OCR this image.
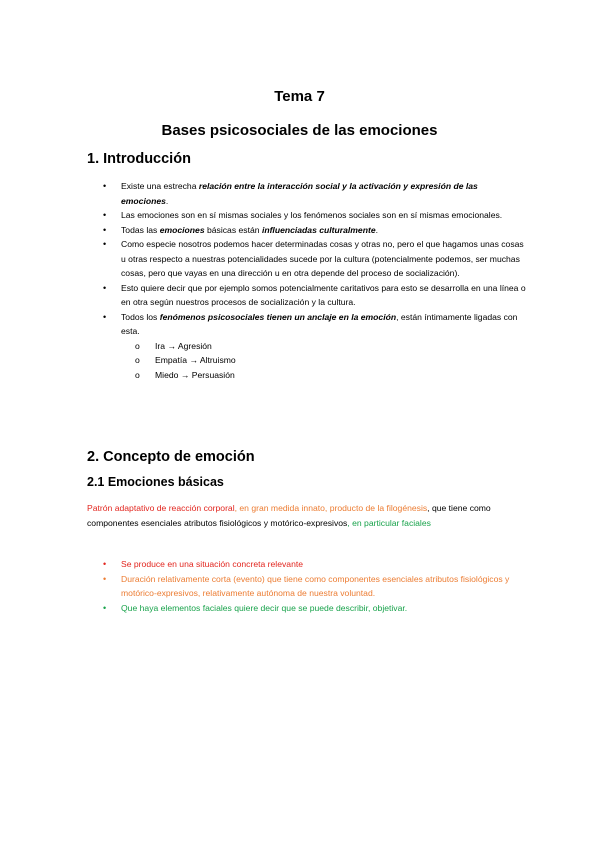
Tema 7
Bases psicosociales de las emociones
1. Introducción
• Existe una estrecha relación entre la interacción social y la activación y expresión de las emociones.
• Las emociones son en sí mismas sociales y los fenómenos sociales son en sí mismas emocionales.
• Todas las emociones básicas están influenciadas culturalmente.
• Como especie nosotros podemos hacer determinadas cosas y otras no, pero el que hagamos unas cosas u otras respecto a nuestras potencialidades sucede por la cultura (potencialmente podemos, ser muchas cosas, pero que vayas en una dirección u en otra depende del proceso de socialización).
• Esto quiere decir que por ejemplo somos potencialmente caritativos para esto se desarrolla en una línea o en otra según nuestros procesos de socialización y la cultura.
• Todos los fenómenos psicosociales tienen un anclaje en la emoción, están íntimamente ligadas con esta.
o Ira → Agresión
o Empatía → Altruismo
o Miedo → Persuasión
2. Concepto de emoción
2.1 Emociones básicas
Patrón adaptativo de reacción corporal, en gran medida innato, producto de la filogénesis, que tiene como componentes esenciales atributos fisiológicos y motórico-expresivos, en particular faciales
• Se produce en una situación concreta relevante
• Duración relativamente corta (evento) que tiene como componentes esenciales atributos fisiológicos y motórico-expresivos, relativamente autónoma de nuestra voluntad.
• Que haya elementos faciales quiere decir que se puede describir, objetivar.
